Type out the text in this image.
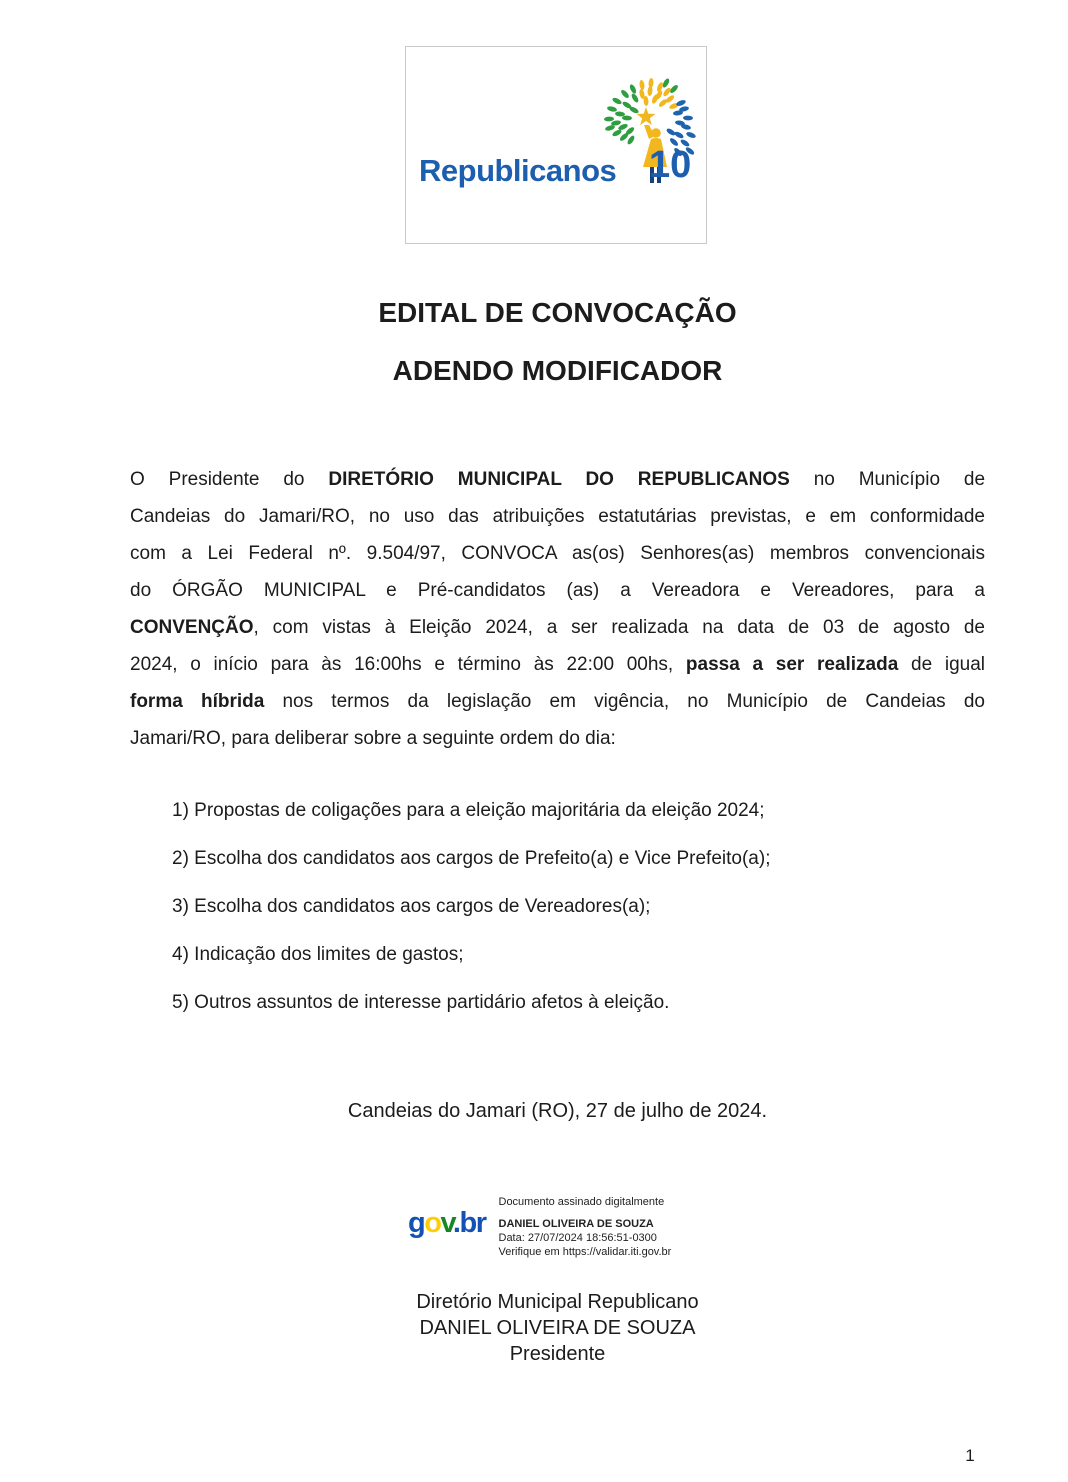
Republicanos 10
EDITAL DE CONVOCAÇÃO
ADENDO MODIFICADOR
O Presidente do DIRETÓRIO MUNICIPAL DO REPUBLICANOS no Município de
Candeias do Jamari/RO, no uso das atribuições estatutárias previstas, e em conformidade
com a Lei Federal nº. 9.504/97, CONVOCA as(os) Senhores(as) membros convencionais
do ÓRGÃO MUNICIPAL e Pré-candidatos (as) a Vereadora e Vereadores, para a
CONVENÇÃO, com vistas à Eleição 2024, a ser realizada na data de 03 de agosto de
2024, o início para às 16:00hs e término às 22:00 00hs, passa a ser realizada de igual
forma híbrida nos termos da legislação em vigência, no Município de Candeias do
Jamari/RO, para deliberar sobre a seguinte ordem do dia:
1) Propostas de coligações para a eleição majoritária da eleição 2024;
2) Escolha dos candidatos aos cargos de Prefeito(a) e Vice Prefeito(a);
3) Escolha dos candidatos aos cargos de Vereadores(a);
4) Indicação dos limites de gastos;
5) Outros assuntos de interesse partidário afetos à eleição.
Candeias do Jamari (RO), 27 de julho de 2024.
gov.br
Documento assinado digitalmente
DANIEL OLIVEIRA DE SOUZA
Data: 27/07/2024 18:56:51-0300
Verifique em https://validar.iti.gov.br
Diretório Municipal Republicano
DANIEL OLIVEIRA DE SOUZA
Presidente
1
